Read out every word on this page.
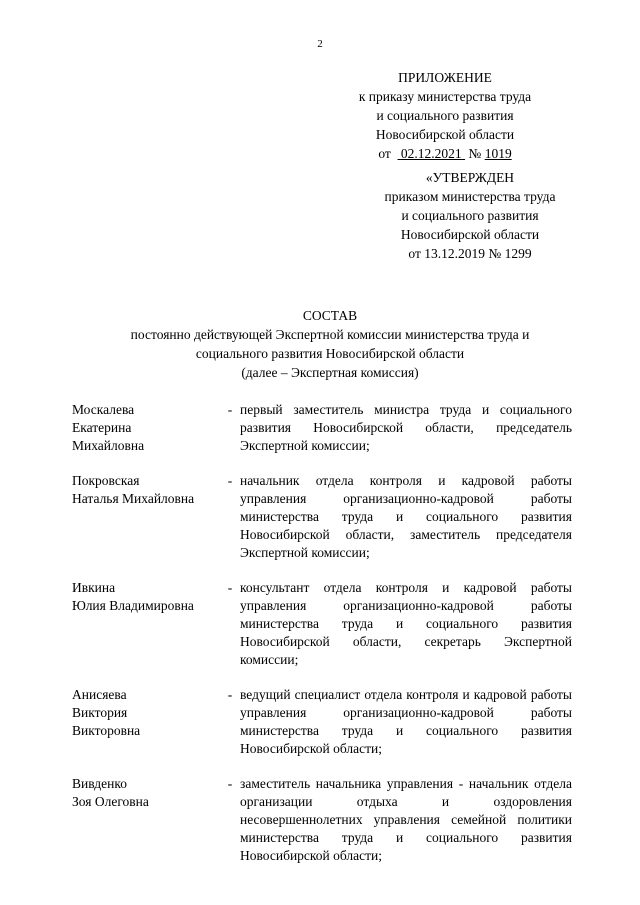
2
ПРИЛОЖЕНИЕ
к приказу министерства труда
и социального развития
Новосибирской области
от 02.12.2021 № 1019
«УТВЕРЖДЕН
приказом министерства труда
и социального развития
Новосибирской области
от 13.12.2019 № 1299
СОСТАВ
постоянно действующей Экспертной комиссии министерства труда и
социального развития Новосибирской области
(далее – Экспертная комиссия)
Москалева
Екатерина
Михайловна
- первый заместитель министра труда и социального развития Новосибирской области, председатель Экспертной комиссии;
Покровская
Наталья Михайловна
- начальник отдела контроля и кадровой работы управления организационно-кадровой работы министерства труда и социального развития Новосибирской области, заместитель председателя Экспертной комиссии;
Ивкина
Юлия Владимировна
- консультант отдела контроля и кадровой работы управления организационно-кадровой работы министерства труда и социального развития Новосибирской области, секретарь Экспертной комиссии;
Анисяева
Виктория
Викторовна
- ведущий специалист отдела контроля и кадровой работы управления организационно-кадровой работы министерства труда и социального развития Новосибирской области;
Вивденко
Зоя Олеговна
- заместитель начальника управления - начальник отдела организации отдыха и оздоровления несовершеннолетних управления семейной политики министерства труда и социального развития Новосибирской области;
